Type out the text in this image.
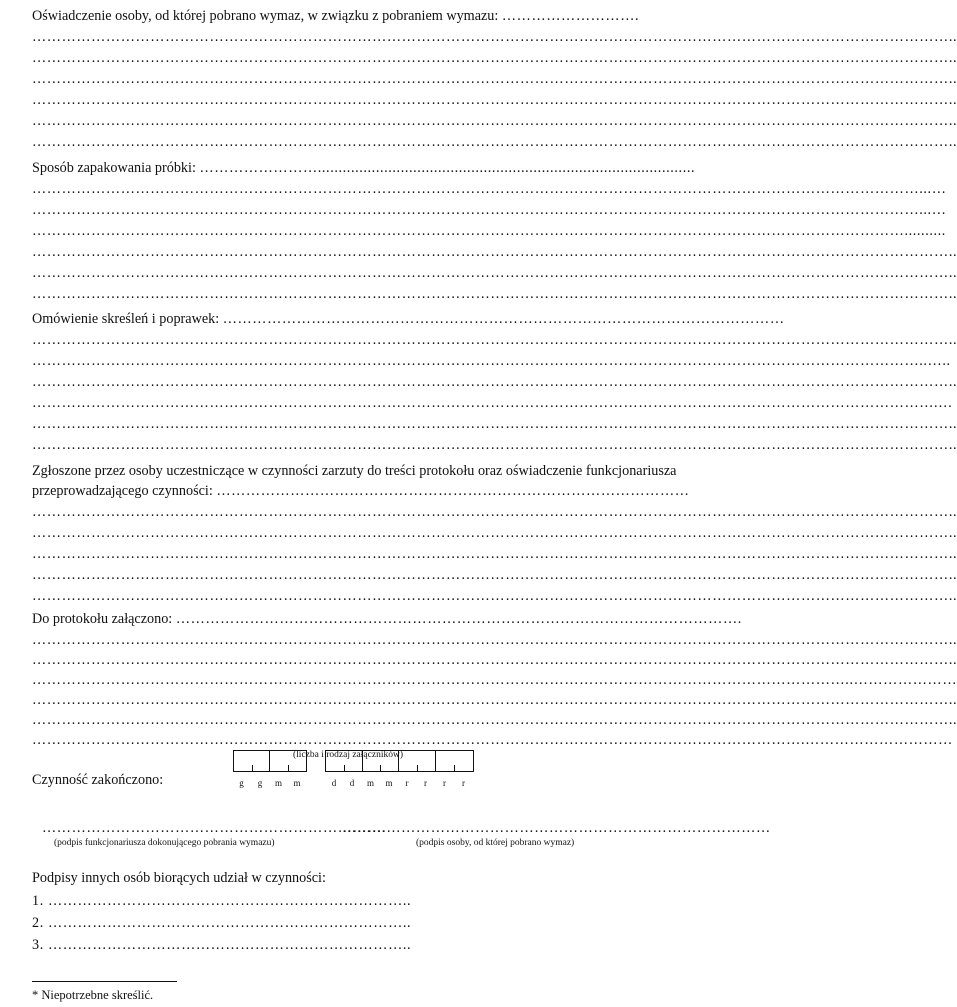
Oświadczenie osoby, od której pobrano wymaz, w związku z pobraniem wymazu: ……………………….
……………………………………………………………………………………………………………………………………………………………………..
……………………………………………………………………………………………………………………………………………………………………..
……………………………………………………………………………………………………………………………………………………………………..
……………………………………………………………………………………………………………………………………………………………………..
……………………………………………………………………………………………………………………………………………………………………..
……………………………………………………………………………………………………………………………………………………………………..
Sposób zapakowania próbki: ……………………...........................................................................................
………………………………………………………………………………………………………………………………………………………………...…
………………………………………………………………………………………………………………………………………………………………...…
……………………………………………………………………………………………………………………………………………………………..........
……………………………………………………………………………………………………………………………………………………………………..
……………………………………………………………………………………………………………………………………………………………………..
……………………………………………………………………………………………………………………………………………………………………..
Omówienie skreśleń i poprawek: ……………………………………………………………………………………………………
……………………………………………………………………………………………………………………………………………………………………..
………………………………………………………………………………………………………………………………………………………………..…..
……………………………………………………………………………………………………………………………………………………………………..
………………………………………………………………………………………………………………………………………………………………….…
……………………………………………………………………………………………………………………………………………………………………..
……………………………………………………………………………………………………………………………………………………………………..
Zgłoszone przez osoby uczestniczące w czynności zarzuty do treści protokołu oraz oświadczenie funkcjonariusza
przeprowadzającego czynności: ……………………………………………………………………………………
……………………………………………………………………………………………………………………………………………………………………..
……………………………………………………………………………………………………………………………………………………………………..
……………………………………………………………………………………………………………………………………………………………………..
……………………………………………………………………………………………………………………………………………………………………..
……………………………………………………………………………………………………………………………………………………………………..
Do protokołu załączono: …………………………………………………………………………………………………….
……………………………………………………………………………………………………………………………………………………………………..
……………………………………………………………………………………………………………………………………………………………………..
…………………………………………………………………………………………………………………………………………………..…………………
……………………………………………………………………………………………………………………………………………………………………..
……………………………………………………………………………………………………………………………………………………………………..
………………………………………………………………………………………………………………………………………….…………………………
(liczba i rodzaj załączników)
Czynność zakończono:	g	g	m	m	d	d	m	m	r	r	r	r
…………………………………………………………….
……………………………………………………………………………
(podpis funkcjonariusza dokonującego pobrania wymazu)	(podpis osoby, od której pobrano wymaz)
Podpisy innych osób biorących udział w czynności:
1. ………………………………………………………………..
2. ………………………………………………………………..
3. ………………………………………………………………..
* Niepotrzebne skreślić.
